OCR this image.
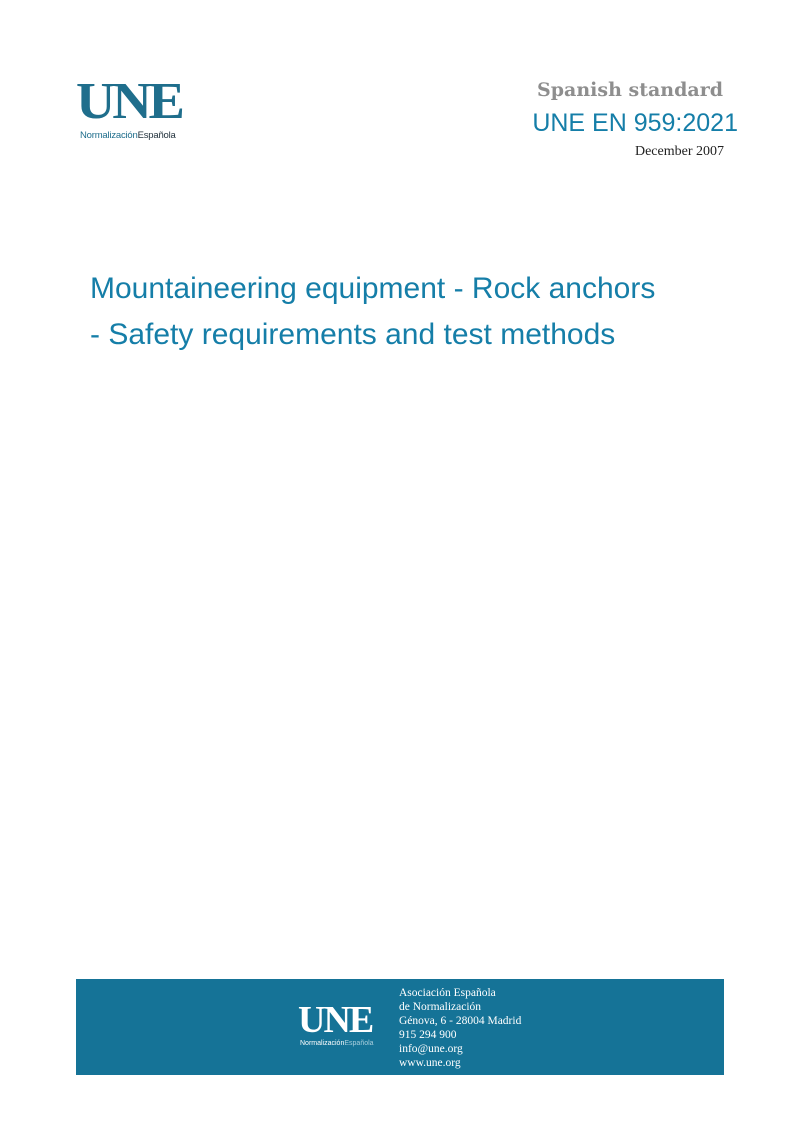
UNE
NormalizaciónEspañola
Spanish standard
UNE EN 959:2021
December 2007
Mountaineering equipment - Rock anchors
- Safety requirements and test methods
UNE
NormalizaciónEspañola
Asociación Española
de Normalización
Génova, 6 - 28004 Madrid
915 294 900
info@une.org
www.une.org
